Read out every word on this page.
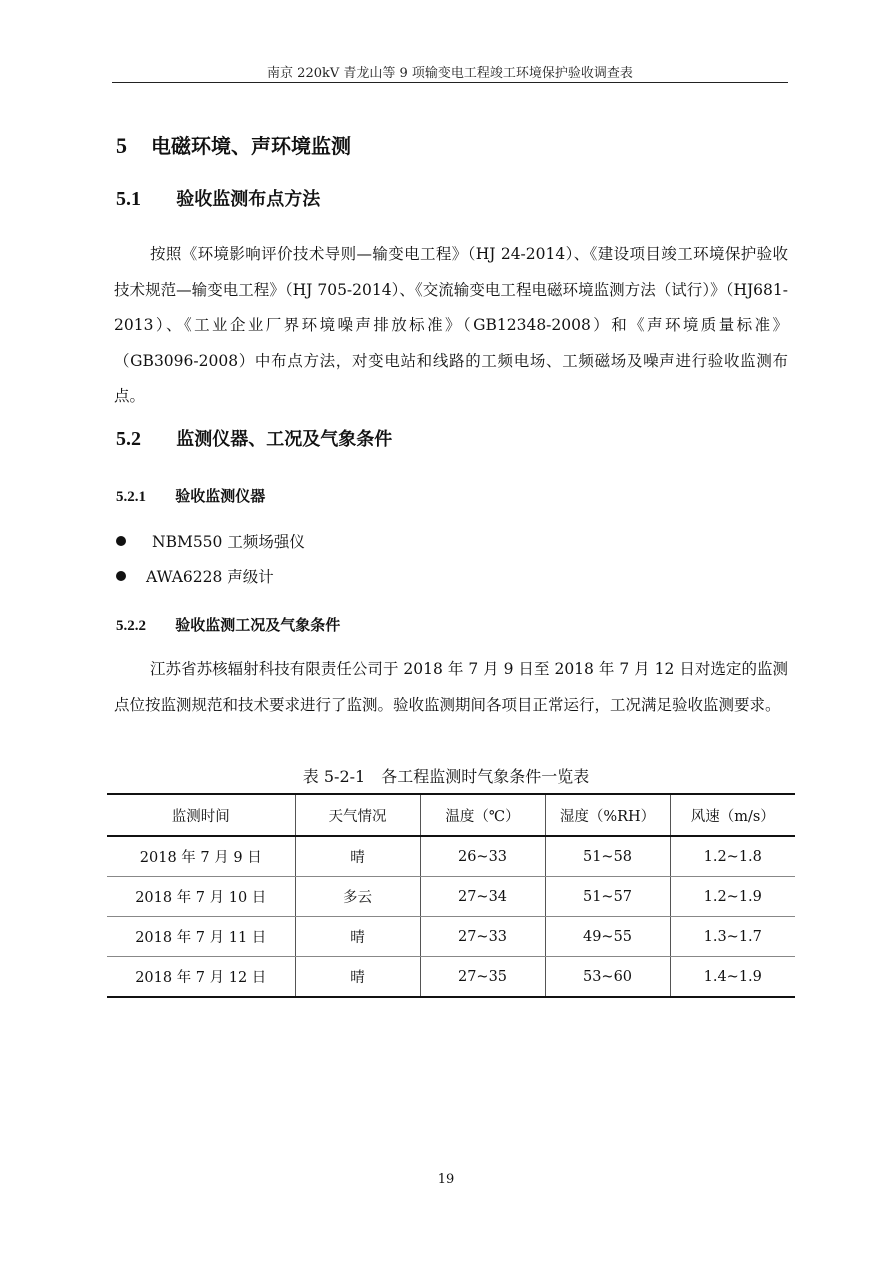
南京 220kV 青龙山等 9 项输变电工程竣工环境保护验收调查表
5 电磁环境、声环境监测
5.1 验收监测布点方法
按照《环境影响评价技术导则—输变电工程》（HJ 24-2014）、《建设项目竣工环境保护验收技术规范—输变电工程》（HJ 705-2014）、《交流输变电工程电磁环境监测方法（试行）》（HJ681-2013）、《工业企业厂界环境噪声排放标准》（GB12348-2008）和《声环境质量标准》（GB3096-2008）中布点方法，对变电站和线路的工频电场、工频磁场及噪声进行验收监测布点。
5.2 监测仪器、工况及气象条件
5.2.1 验收监测仪器
NBM550 工频场强仪
AWA6228 声级计
5.2.2 验收监测工况及气象条件
江苏省苏核辐射科技有限责任公司于 2018 年 7 月 9 日至 2018 年 7 月 12 日对选定的监测点位按监测规范和技术要求进行了监测。验收监测期间各项目正常运行，工况满足验收监测要求。
表 5-2-1　各工程监测时气象条件一览表
监测时间	天气情况	温度（℃）	湿度（%RH）	风速（m/s）
2018 年 7 月 9 日	晴	26~33	51~58	1.2~1.8
2018 年 7 月 10 日	多云	27~34	51~57	1.2~1.9
2018 年 7 月 11 日	晴	27~33	49~55	1.3~1.7
2018 年 7 月 12 日	晴	27~35	53~60	1.4~1.9
19
